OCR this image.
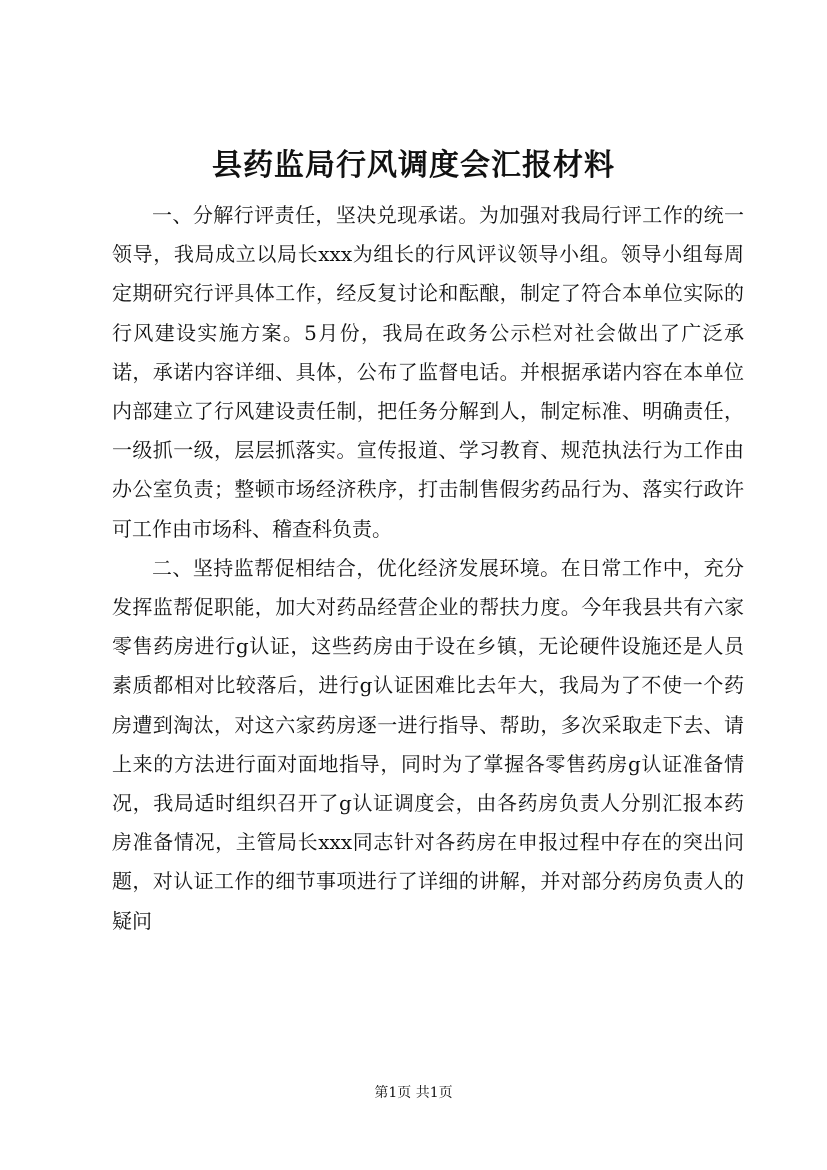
县药监局行风调度会汇报材料

一、分解行评责任，坚决兑现承诺。为加强对我局行评工作的统一领导，我局成立以局长xxx为组长的行风评议领导小组。领导小组每周定期研究行评具体工作，经反复讨论和酝酿，制定了符合本单位实际的行风建设实施方案。5月份，我局在政务公示栏对社会做出了广泛承诺，承诺内容详细、具体，公布了监督电话。并根据承诺内容在本单位内部建立了行风建设责任制，把任务分解到人，制定标准、明确责任，一级抓一级，层层抓落实。宣传报道、学习教育、规范执法行为工作由办公室负责；整顿市场经济秩序，打击制售假劣药品行为、落实行政许可工作由市场科、稽查科负责。

二、坚持监帮促相结合，优化经济发展环境。在日常工作中，充分发挥监帮促职能，加大对药品经营企业的帮扶力度。今年我县共有六家零售药房进行g认证，这些药房由于设在乡镇，无论硬件设施还是人员素质都相对比较落后，进行g认证困难比去年大，我局为了不使一个药房遭到淘汰，对这六家药房逐一进行指导、帮助，多次采取走下去、请上来的方法进行面对面地指导，同时为了掌握各零售药房g认证准备情况，我局适时组织召开了g认证调度会，由各药房负责人分别汇报本药房准备情况，主管局长xxx同志针对各药房在申报过程中存在的突出问题，对认证工作的细节事项进行了详细的讲解，并对部分药房负责人的疑问

第1页 共1页
